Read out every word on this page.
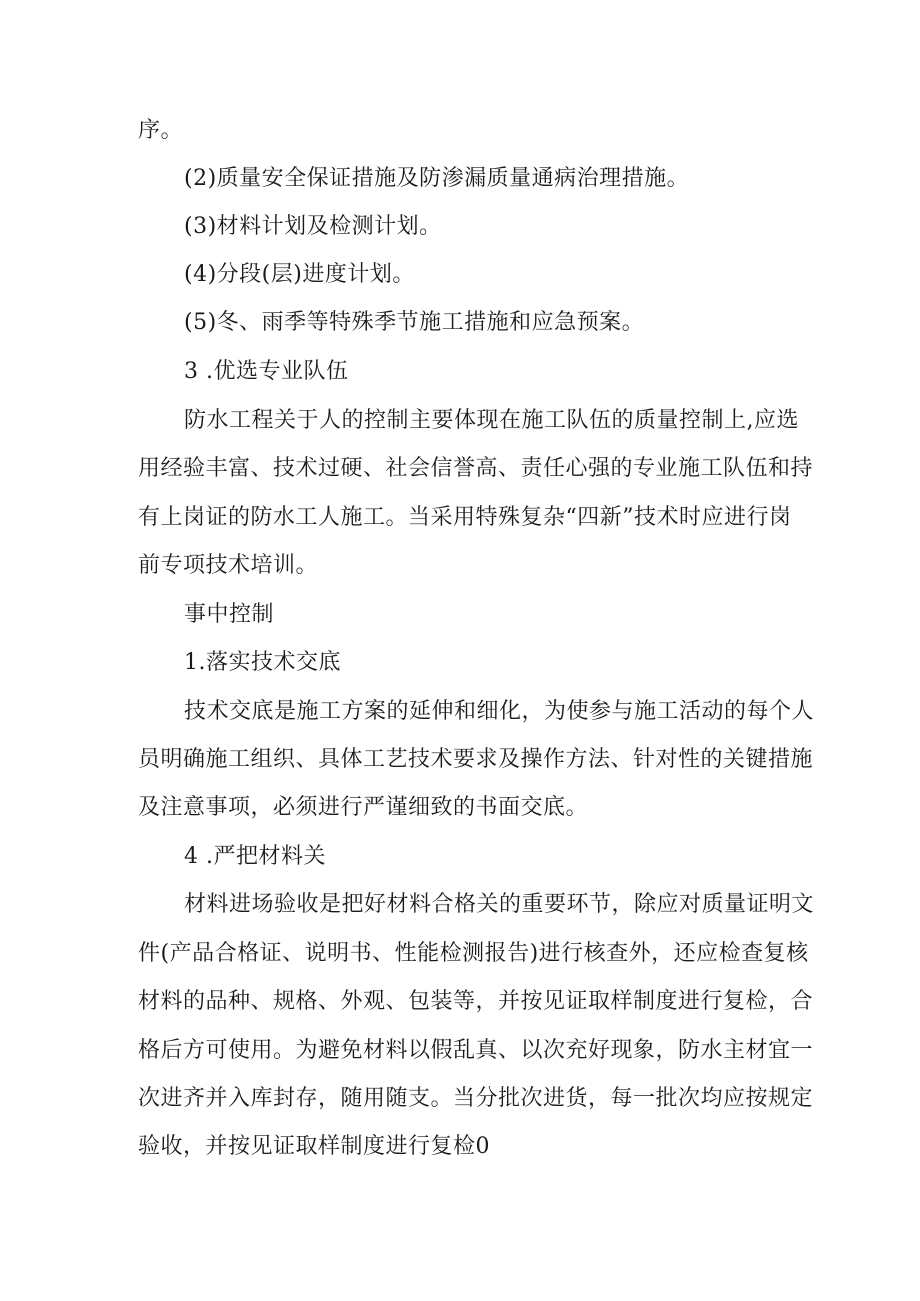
序。
(2)质量安全保证措施及防渗漏质量通病治理措施。
(3)材料计划及检测计划。
(4)分段(层)进度计划。
(5)冬、雨季等特殊季节施工措施和应急预案。
3 .优选专业队伍
防水工程关于人的控制主要体现在施工队伍的质量控制上,应选
用经验丰富、技术过硬、社会信誉高、责任心强的专业施工队伍和持
有上岗证的防水工人施工。当采用特殊复杂“四新”技术时应进行岗
前专项技术培训。
事中控制
1.落实技术交底
技术交底是施工方案的延伸和细化，为使参与施工活动的每个人
员明确施工组织、具体工艺技术要求及操作方法、针对性的关键措施
及注意事项，必须进行严谨细致的书面交底。
4 .严把材料关
材料进场验收是把好材料合格关的重要环节，除应对质量证明文
件(产品合格证、说明书、性能检测报告)进行核查外，还应检查复核
材料的品种、规格、外观、包装等，并按见证取样制度进行复检，合
格后方可使用。为避免材料以假乱真、以次充好现象，防水主材宜一
次进齐并入库封存，随用随支。当分批次进货，每一批次均应按规定
验收，并按见证取样制度进行复检0
